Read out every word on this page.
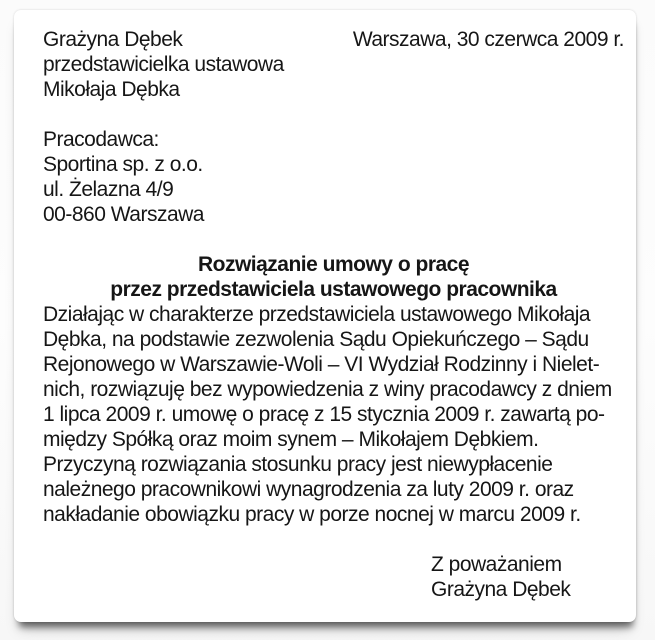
Grażyna Dębek
przedstawicielka ustawowa
Mikołaja Dębka
Warszawa, 30 czerwca 2009 r.
Pracodawca:
Sportina sp. z o.o.
ul. Żelazna 4/9
00-860 Warszawa
Rozwiązanie umowy o pracę
przez przedstawiciela ustawowego pracownika
Działając w charakterze przedstawiciela ustawowego Mikołaja
Dębka, na podstawie zezwolenia Sądu Opiekuńczego – Sądu
Rejonowego w Warszawie-Woli – VI Wydział Rodzinny i Nielet-
nich, rozwiązuję bez wypowiedzenia z winy pracodawcy z dniem
1 lipca 2009 r. umowę o pracę z 15 stycznia 2009 r. zawartą po-
między Spółką oraz moim synem – Mikołajem Dębkiem.
Przyczyną rozwiązania stosunku pracy jest niewypłacenie
należnego pracownikowi wynagrodzenia za luty 2009 r. oraz
nakładanie obowiązku pracy w porze nocnej w marcu 2009 r.
Z poważaniem
Grażyna Dębek
